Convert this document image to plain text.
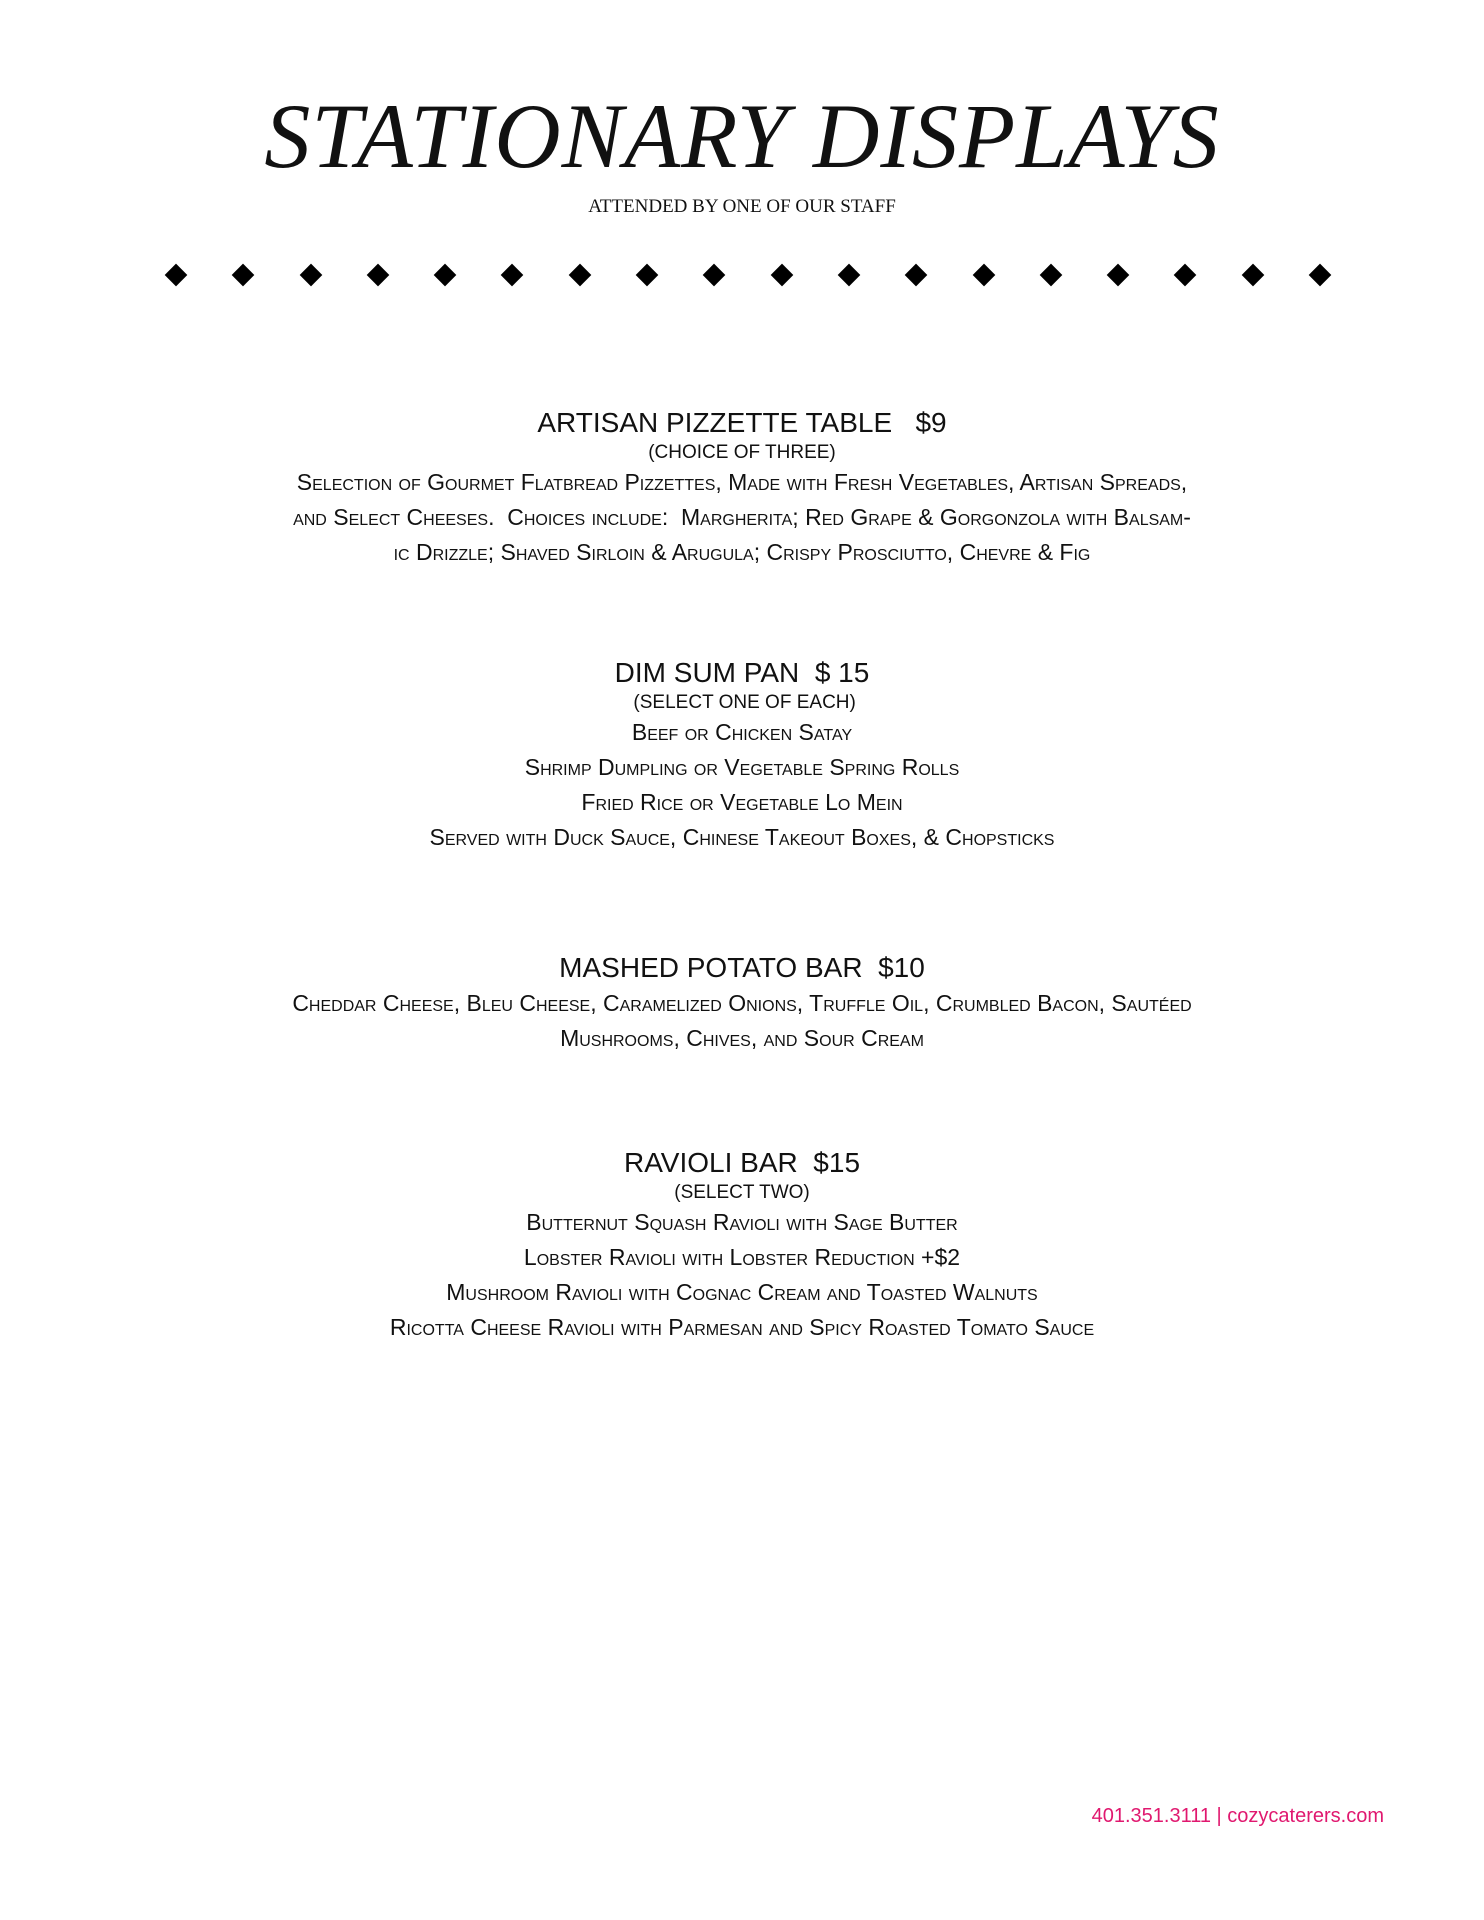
STATIONARY DISPLAYS
ATTENDED BY ONE OF OUR STAFF
ARTISAN PIZZETTE TABLE   $9
(CHOICE OF THREE)
Selection of Gourmet Flatbread Pizzettes, Made with Fresh Vegetables, Artisan Spreads,
and Select Cheeses.  Choices include:  Margherita; Red Grape & Gorgonzola with Balsam-
ic Drizzle; Shaved Sirloin & Arugula; Crispy Prosciutto, Chevre & Fig
DIM SUM PAN  $ 15
(SELECT ONE OF EACH)
Beef or Chicken Satay
Shrimp Dumpling or Vegetable Spring Rolls
Fried Rice or Vegetable Lo Mein
Served with Duck Sauce, Chinese Takeout Boxes, & Chopsticks
MASHED POTATO BAR  $10
Cheddar Cheese, Bleu Cheese, Caramelized Onions, Truffle Oil, Crumbled Bacon, Sautéed
Mushrooms, Chives, and Sour Cream
RAVIOLI BAR  $15
(SELECT TWO)
Butternut Squash Ravioli with Sage Butter
Lobster Ravioli with Lobster Reduction +$2
Mushroom Ravioli with Cognac Cream and Toasted Walnuts
Ricotta Cheese Ravioli with Parmesan and Spicy Roasted Tomato Sauce
401.351.3111 | cozycaterers.com
